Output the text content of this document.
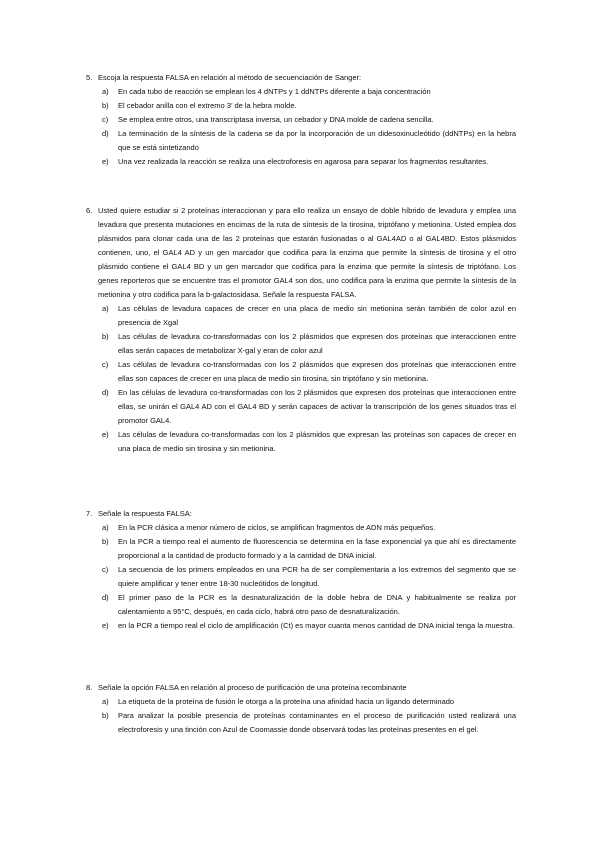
5. Escoja la respuesta FALSA en relación al método de secuenciación de Sanger:
a) En cada tubo de reacción se emplean los 4 dNTPs y 1 ddNTPs diferente a baja concentración
b) El cebador anilla con el extremo 3’ de la hebra molde.
c) Se emplea entre otros, una transcriptasa inversa, un cebador y DNA molde de cadena sencilla.
d) La terminación de la síntesis de la cadena se da por la incorporación de un didesoxinucleótido (ddNTPs) en la hebra que se está sintetizando
e) Una vez realizada la reacción se realiza una electroforesis en agarosa para separar los fragmentos resultantes.
6. Usted quiere estudiar si 2 proteínas interaccionan y para ello realiza un ensayo de doble híbrido de levadura y emplea una levadura que presenta mutaciones en encimas de la ruta de síntesis de la tirosina, triptófano y metionina. Usted emplea dos plásmidos para clonar cada una de las 2 proteínas que estarán fusionadas o al GAL4AD o al GAL4BD. Estos plásmidos contienen, uno, el GAL4 AD y un gen marcador que codifica para la enzima que permite la síntesis de tirosina y el otro plásmido contiene el GAL4 BD y un gen marcador que codifica para la enzima que permite la síntesis de triptófano. Los genes reporteros que se encuentre tras el promotor GAL4 son dos, uno codifica para la enzima que permite la síntesis de la metionina y otro codifica para la b-galactosidasa. Señale la respuesta FALSA.
a) Las células de levadura capaces de crecer en una placa de medio sin metionina serán también de color azul en presencia de Xgal
b) Las células de levadura co-transformadas con los 2 plásmidos que expresen dos proteínas que interaccionen entre ellas serán capaces de metabolizar X-gal y eran de color azul
c) Las células de levadura co-transformadas con los 2 plásmidos que expresen dos proteínas que interaccionen entre ellas son capaces de crecer en una placa de medio sin tirosina, sin triptófano y sin metionina.
d) En las células de levadura co-transformadas con los 2 plásmidos que expresen dos proteínas que interaccionen entre ellas, se unirán el GAL4 AD con el GAL4 BD y serán capaces de activar la transcripción de los genes situados tras el promotor GAL4.
e) Las células de levadura co-transformadas con los 2 plásmidos que expresan las proteínas son capaces de crecer en una placa de medio sin tirosina y sin metionina.
7. Señale la respuesta FALSA:
a) En la PCR clásica a menor número de ciclos, se amplifican fragmentos de ADN más pequeños.
b) En la PCR a tiempo real el aumento de fluorescencia se determina en la fase exponencial ya que ahí es directamente proporcional a la cantidad de producto formado y a la cantidad de DNA inicial.
c) La secuencia de los primers empleados en una PCR ha de ser complementaria a los extremos del segmento que se quiere amplificar y tener entre 18-30 nucleótidos de longitud.
d) El primer paso de la PCR es la desnaturalización de la doble hebra de DNA y habitualmente se realiza por calentamiento a 95°C, después, en cada ciclo, habrá otro paso de desnaturalización.
e) en la PCR a tiempo real el ciclo de amplificación (Ct) es mayor cuanta menos cantidad de DNA inicial tenga la muestra.
8. Señale la opción FALSA en relación al proceso de purificación de una proteína recombinante
a) La etiqueta de la proteína de fusión le otorga a la proteína una afinidad hacia un ligando determinado
b) Para analizar la posible presencia de proteínas contaminantes en el proceso de purificación usted realizará una electroforesis y una tinción con Azul de Coomassie donde observará todas las proteínas presentes en el gel.
